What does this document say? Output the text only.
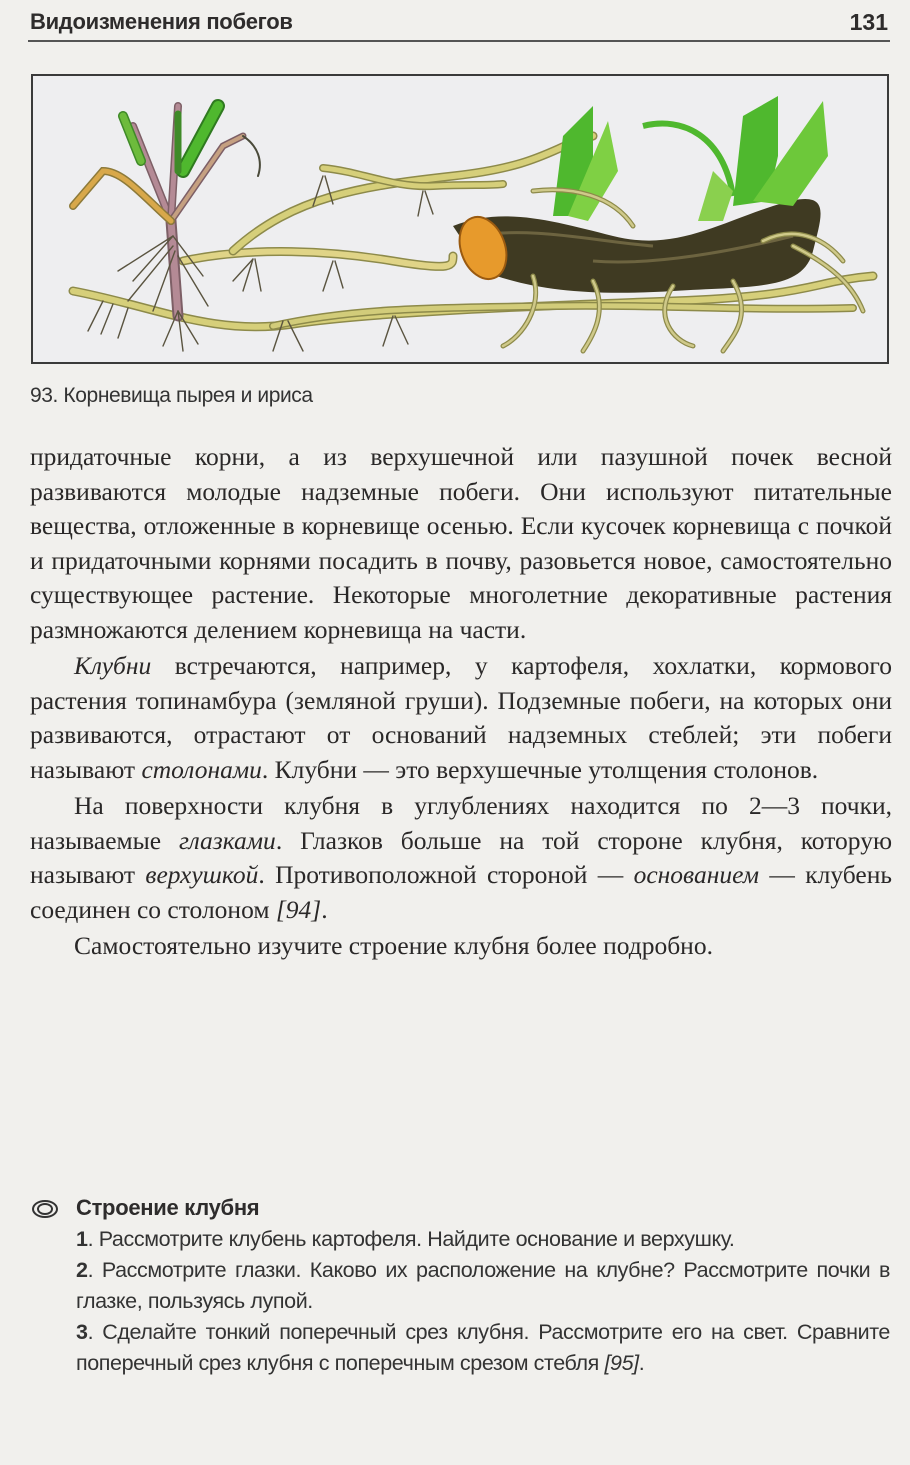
Видоизменения побегов	131
93. Корневища пырея и ириса

придаточные корни, а из верхушечной или пазушной почек весной развиваются молодые надземные побеги. Они используют питательные вещества, отложенные в корневище осенью. Если кусочек корневища с почкой и придаточными корнями посадить в почву, разовьется новое, самостоятельно существующее растение. Некоторые многолетние декоративные растения размножаются делением корневища на части.

Клубни встречаются, например, у картофеля, хохлатки, кормового растения топинамбура (земляной груши). Подземные побеги, на которых они развиваются, отрастают от оснований надземных стеблей; эти побеги называют столонами. Клубни — это верхушечные утолщения столонов.

На поверхности клубня в углублениях находится по 2—3 почки, называемые глазками. Глазков больше на той стороне клубня, которую называют верхушкой. Противоположной стороной — основанием — клубень соединен со столоном [94].

Самостоятельно изучите строение клубня более подробно.

Строение клубня
1. Рассмотрите клубень картофеля. Найдите основание и верхушку.
2. Рассмотрите глазки. Каково их расположение на клубне? Рассмотрите почки в глазке, пользуясь лупой.
3. Сделайте тонкий поперечный срез клубня. Рассмотрите его на свет. Сравните поперечный срез клубня с поперечным срезом стебля [95].
